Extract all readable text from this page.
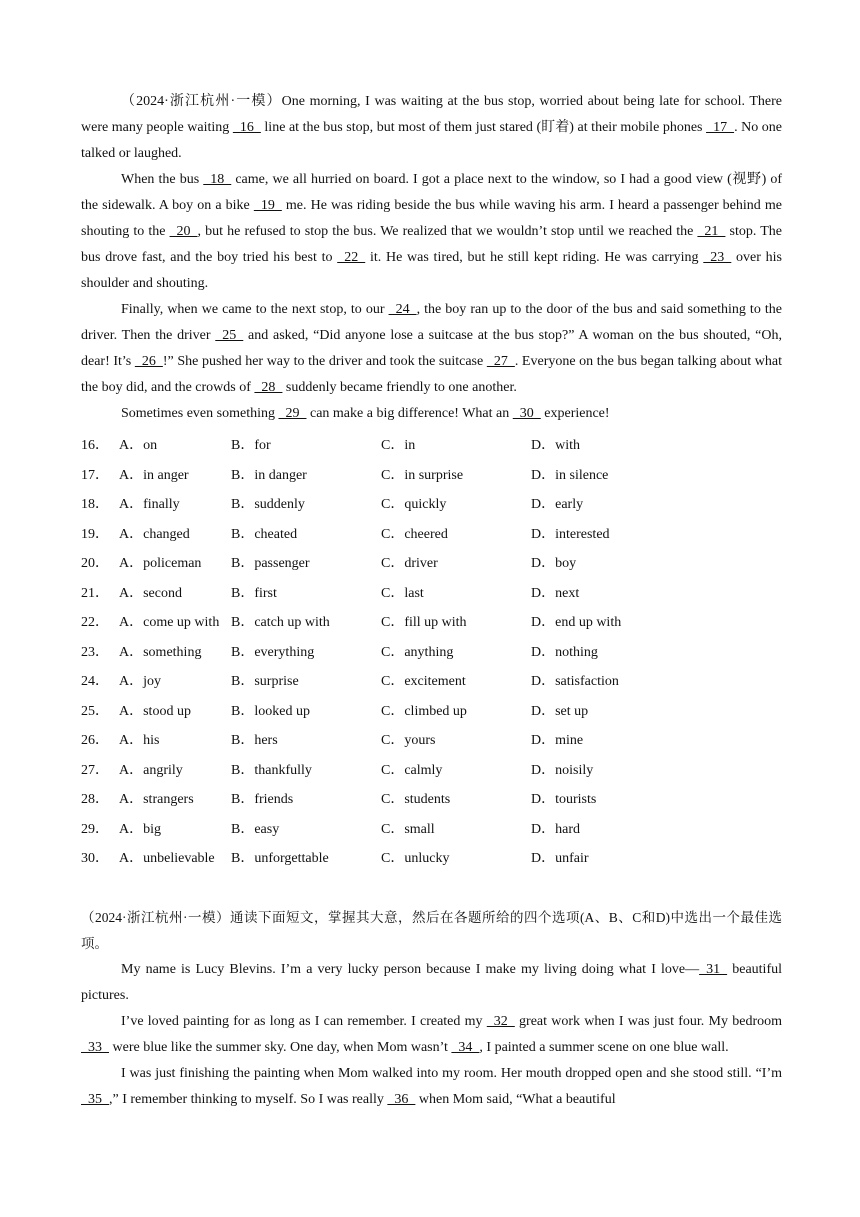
（2024·浙江杭州·一模）One morning, I was waiting at the bus stop, worried about being late for school. There were many people waiting  16  line at the bus stop, but most of them just stared (盯着) at their mobile phones  17 . No one talked or laughed.

When the bus  18  came, we all hurried on board. I got a place next to the window, so I had a good view (视野) of the sidewalk. A boy on a bike  19  me. He was riding beside the bus while waving his arm. I heard a passenger behind me shouting to the  20 , but he refused to stop the bus. We realized that we wouldn’t stop until we reached the  21  stop. The bus drove fast, and the boy tried his best to  22  it. He was tired, but he still kept riding. He was carrying  23  over his shoulder and shouting.

Finally, when we came to the next stop, to our  24 , the boy ran up to the door of the bus and said something to the driver. Then the driver  25  and asked, “Did anyone lose a suitcase at the bus stop?” A woman on the bus shouted, “Oh, dear! It’s  26 !” She pushed her way to the driver and took the suitcase  27 . Everyone on the bus began talking about what the boy did, and the crowds of  28  suddenly became friendly to one another.

Sometimes even something  29  can make a big difference! What an  30  experience!

16． A．on	B．for	C．in	D．with
17． A．in anger	B．in danger	C．in surprise	D．in silence
18． A．finally	B．suddenly	C．quickly	D．early
19． A．changed	B．cheated	C．cheered	D．interested
20． A．policeman	B．passenger	C．driver	D．boy
21． A．second	B．first	C．last	D．next
22． A．come up with B．catch up with	C．fill up with	D．end up with
23． A．something	B．everything	C．anything	D．nothing
24． A．joy	B．surprise	C．excitement	D．satisfaction
25． A．stood up	B．looked up	C．climbed up	D．set up
26． A．his	B．hers	C．yours	D．mine
27． A．angrily	B．thankfully	C．calmly	D．noisily
28． A．strangers	B．friends	C．students	D．tourists
29． A．big	B．easy	C．small	D．hard
30． A．unbelievable	B．unforgettable	C．unlucky	D．unfair

（2024·浙江杭州·一模）通读下面短文，掌握其大意，然后在各题所给的四个选项(A、B、C和D)中选出一个最佳选项。

My name is Lucy Blevins. I’m a very lucky person because I make my living doing what I love— 31  beautiful pictures.

I’ve loved painting for as long as I can remember. I created my  32  great work when I was just four. My bedroom  33  were blue like the summer sky. One day, when Mom wasn’t  34 , I painted a summer scene on one blue wall.

I was just finishing the painting when Mom walked into my room. Her mouth dropped open and she stood still. “I’m  35 ,” I remember thinking to myself. So I was really  36  when Mom said, “What a beautiful
